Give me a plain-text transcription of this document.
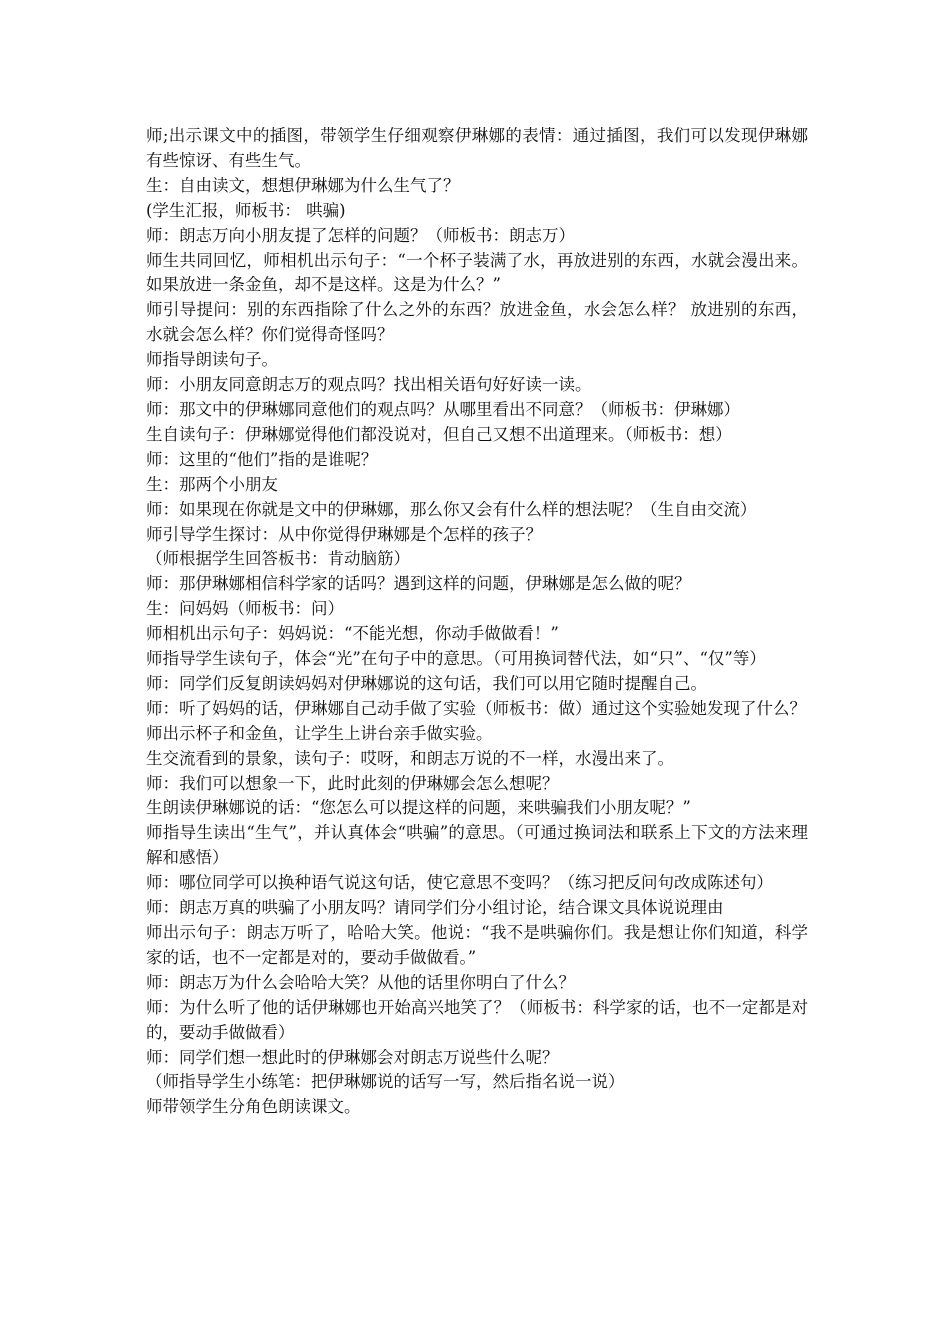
师;出示课文中的插图，带领学生仔细观察伊琳娜的表情：通过插图，我们可以发现伊琳娜有些惊讶、有些生气。

生：自由读文，想想伊琳娜为什么生气了？

(学生汇报，师板书： 哄骗)

师：朗志万向小朋友提了怎样的问题？（师板书：朗志万）

师生共同回忆，师相机出示句子：“一个杯子装满了水，再放进别的东西，水就会漫出来。如果放进一条金鱼，却不是这样。这是为什么？”

师引导提问：别的东西指除了什么之外的东西？放进金鱼，水会怎么样？ 放进别的东西，水就会怎么样？你们觉得奇怪吗？

师指导朗读句子。

师：小朋友同意朗志万的观点吗？找出相关语句好好读一读。

师：那文中的伊琳娜同意他们的观点吗？从哪里看出不同意？（师板书：伊琳娜）

生自读句子：伊琳娜觉得他们都没说对，但自己又想不出道理来。（师板书：想）

师：这里的“他们”指的是谁呢？

生：那两个小朋友

师：如果现在你就是文中的伊琳娜，那么你又会有什么样的想法呢？（生自由交流）

师引导学生探讨：从中你觉得伊琳娜是个怎样的孩子？

（师根据学生回答板书：肯动脑筋）

师：那伊琳娜相信科学家的话吗？遇到这样的问题，伊琳娜是怎么做的呢？

生：问妈妈（师板书：问）

师相机出示句子：妈妈说：“不能光想，你动手做做看！”

师指导学生读句子，体会“光”在句子中的意思。（可用换词替代法，如“只”、“仅”等）

师：同学们反复朗读妈妈对伊琳娜说的这句话，我们可以用它随时提醒自己。

师：听了妈妈的话，伊琳娜自己动手做了实验（师板书：做）通过这个实验她发现了什么？

师出示杯子和金鱼，让学生上讲台亲手做实验。

生交流看到的景象，读句子：哎呀，和朗志万说的不一样，水漫出来了。

师：我们可以想象一下，此时此刻的伊琳娜会怎么想呢？

生朗读伊琳娜说的话：“您怎么可以提这样的问题，来哄骗我们小朋友呢？”

师指导生读出“生气”，并认真体会“哄骗”的意思。（可通过换词法和联系上下文的方法来理解和感悟）

师：哪位同学可以换种语气说这句话，使它意思不变吗？（练习把反问句改成陈述句）

师：朗志万真的哄骗了小朋友吗？请同学们分小组讨论，结合课文具体说说理由

师出示句子：朗志万听了，哈哈大笑。他说：“我不是哄骗你们。我是想让你们知道，科学家的话，也不一定都是对的，要动手做做看。”

师：朗志万为什么会哈哈大笑？从他的话里你明白了什么？

师：为什么听了他的话伊琳娜也开始高兴地笑了？（师板书：科学家的话，也不一定都是对的，要动手做做看）

师：同学们想一想此时的伊琳娜会对朗志万说些什么呢？

（师指导学生小练笔：把伊琳娜说的话写一写，然后指名说一说）

师带领学生分角色朗读课文。
